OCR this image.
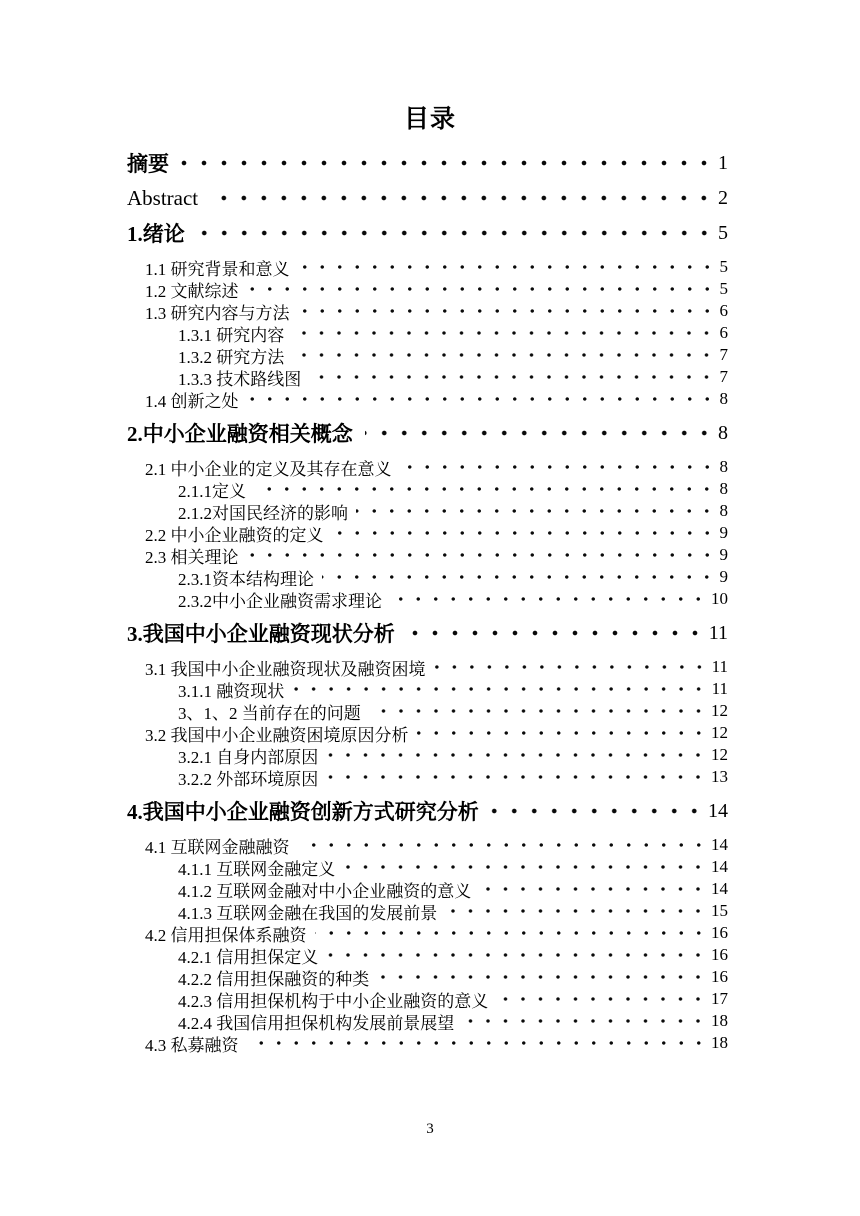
目录
摘要	1
Abstract	2
1.绪论	5
1.1 研究背景和意义	5
1.2 文献综述	5
1.3 研究内容与方法	6
1.3.1 研究内容	6
1.3.2 研究方法	7
1.3.3 技术路线图	7
1.4 创新之处	8
2.中小企业融资相关概念	8
2.1 中小企业的定义及其存在意义	8
2.1.1定义	8
2.1.2对国民经济的影响	8
2.2 中小企业融资的定义	9
2.3 相关理论	9
2.3.1资本结构理论	9
2.3.2中小企业融资需求理论	10
3.我国中小企业融资现状分析	11
3.1 我国中小企业融资现状及融资困境	11
3.1.1 融资现状	11
3、1、2 当前存在的问题	12
3.2 我国中小企业融资困境原因分析	12
3.2.1 自身内部原因	12
3.2.2 外部环境原因	13
4.我国中小企业融资创新方式研究分析	14
4.1 互联网金融融资	14
4.1.1 互联网金融定义	14
4.1.2 互联网金融对中小企业融资的意义	14
4.1.3 互联网金融在我国的发展前景	15
4.2 信用担保体系融资	16
4.2.1 信用担保定义	16
4.2.2 信用担保融资的种类	16
4.2.3 信用担保机构于中小企业融资的意义	17
4.2.4 我国信用担保机构发展前景展望	18
4.3 私募融资	18
3
